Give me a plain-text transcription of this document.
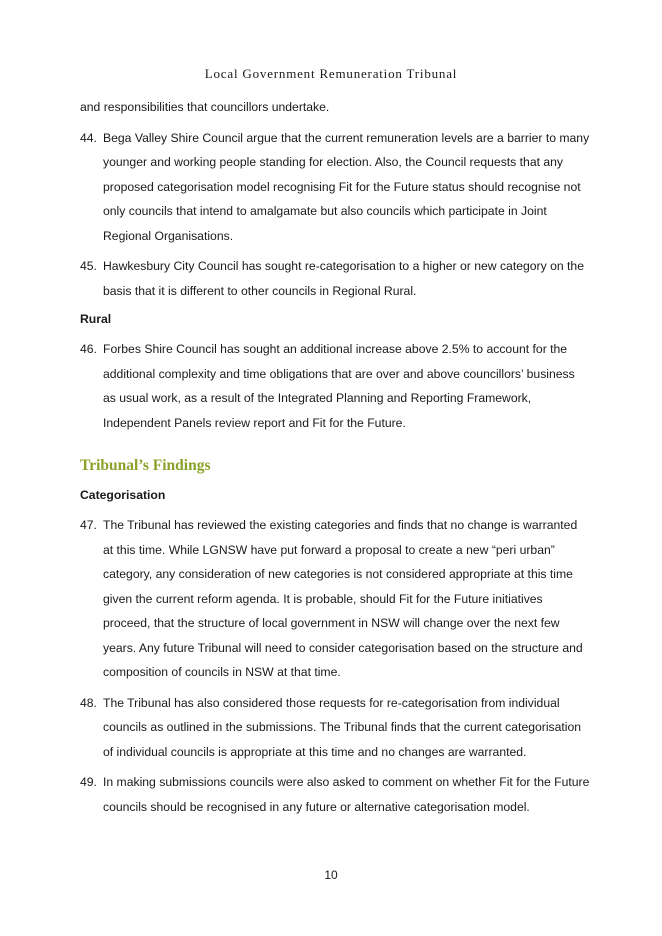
Local Government Remuneration Tribunal
and responsibilities that councillors undertake.
44. Bega Valley Shire Council argue that the current remuneration levels are a barrier to many younger and working people standing for election. Also, the Council requests that any proposed categorisation model recognising Fit for the Future status should recognise not only councils that intend to amalgamate but also councils which participate in Joint Regional Organisations.
45. Hawkesbury City Council has sought re-categorisation to a higher or new category on the basis that it is different to other councils in Regional Rural.
Rural
46. Forbes Shire Council has sought an additional increase above 2.5% to account for the additional complexity and time obligations that are over and above councillors’ business as usual work, as a result of the Integrated Planning and Reporting Framework, Independent Panels review report and Fit for the Future.
Tribunal’s Findings
Categorisation
47. The Tribunal has reviewed the existing categories and finds that no change is warranted at this time. While LGNSW have put forward a proposal to create a new “peri urban” category, any consideration of new categories is not considered appropriate at this time given the current reform agenda. It is probable, should Fit for the Future initiatives proceed, that the structure of local government in NSW will change over the next few years. Any future Tribunal will need to consider categorisation based on the structure and composition of councils in NSW at that time.
48. The Tribunal has also considered those requests for re-categorisation from individual councils as outlined in the submissions. The Tribunal finds that the current categorisation of individual councils is appropriate at this time and no changes are warranted.
49. In making submissions councils were also asked to comment on whether Fit for the Future councils should be recognised in any future or alternative categorisation model.
10
